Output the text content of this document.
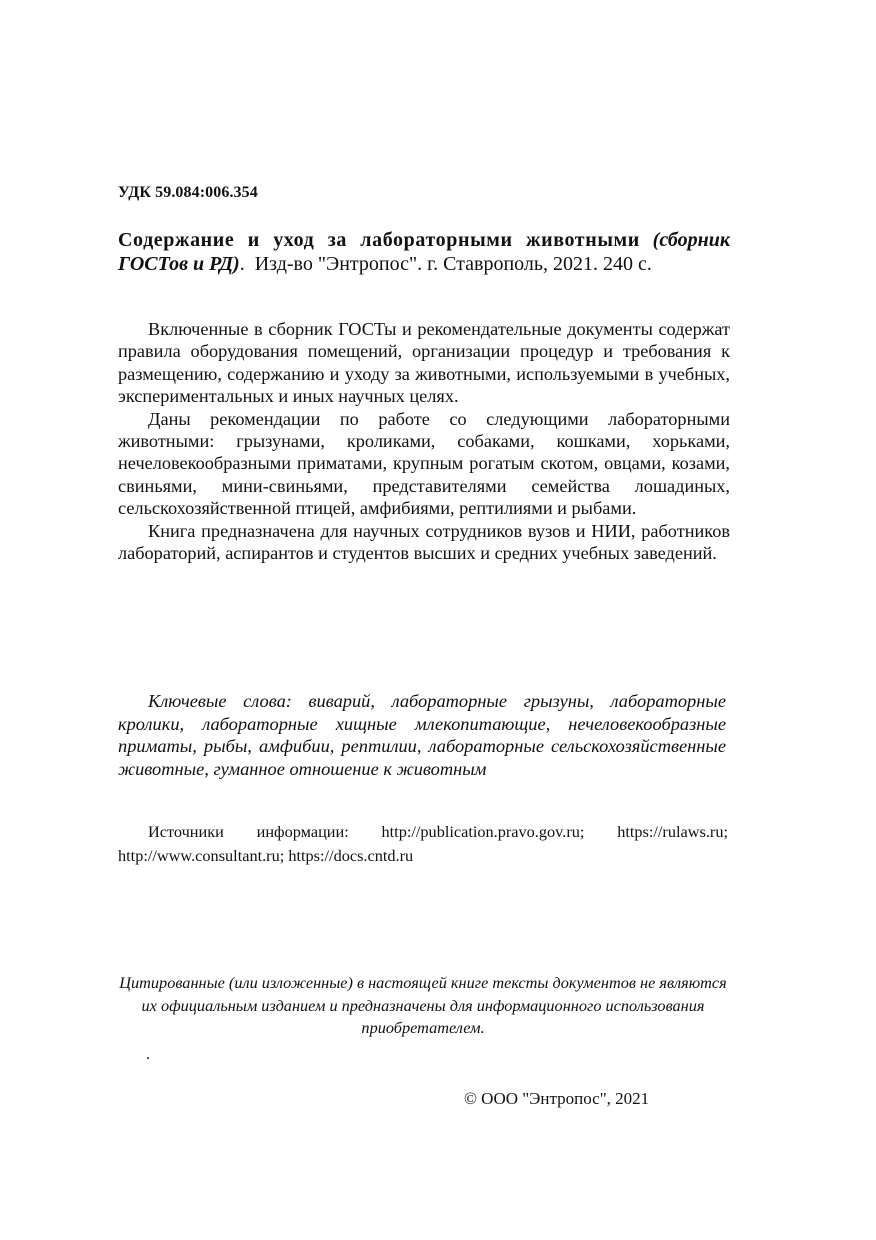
УДК 59.084:006.354
Содержание и уход за лабораторными животными (сборник ГОСТов и РД).  Изд-во "Энтропос". г. Ставрополь, 2021. 240 с.

Включенные в сборник ГОСТы и рекомендательные документы содержат правила оборудования помещений, организации процедур и требования к размещению, содержанию и уходу за животными, используемыми в учебных, экспериментальных и иных научных целях.

Даны рекомендации по работе со следующими лабораторными животными: грызунами, кроликами, собаками, кошками, хорьками, нечеловекообразными приматами, крупным рогатым скотом, овцами, козами, свиньями, мини-свиньями, представителями семейства лошадиных, сельскохозяйственной птицей, амфибиями, рептилиями и рыбами.

Книга предназначена для научных сотрудников вузов и НИИ, работников лабораторий, аспирантов и студентов высших и средних учебных заведений.

Ключевые слова: виварий, лабораторные грызуны, лабораторные кролики, лабораторные хищные млекопитающие, нечеловекообразные приматы, рыбы, амфибии, рептилии, лабораторные сельскохозяйственные животные, гуманное отношение к животным
Источники информации: http://publication.pravo.gov.ru; https://rulaws.ru; http://www.consultant.ru; https://docs.cntd.ru
Цитированные (или изложенные) в настоящей книге тексты документов не являются их официальным изданием и предназначены для информационного использования приобретателем.
.
© ООО "Энтропос", 2021
